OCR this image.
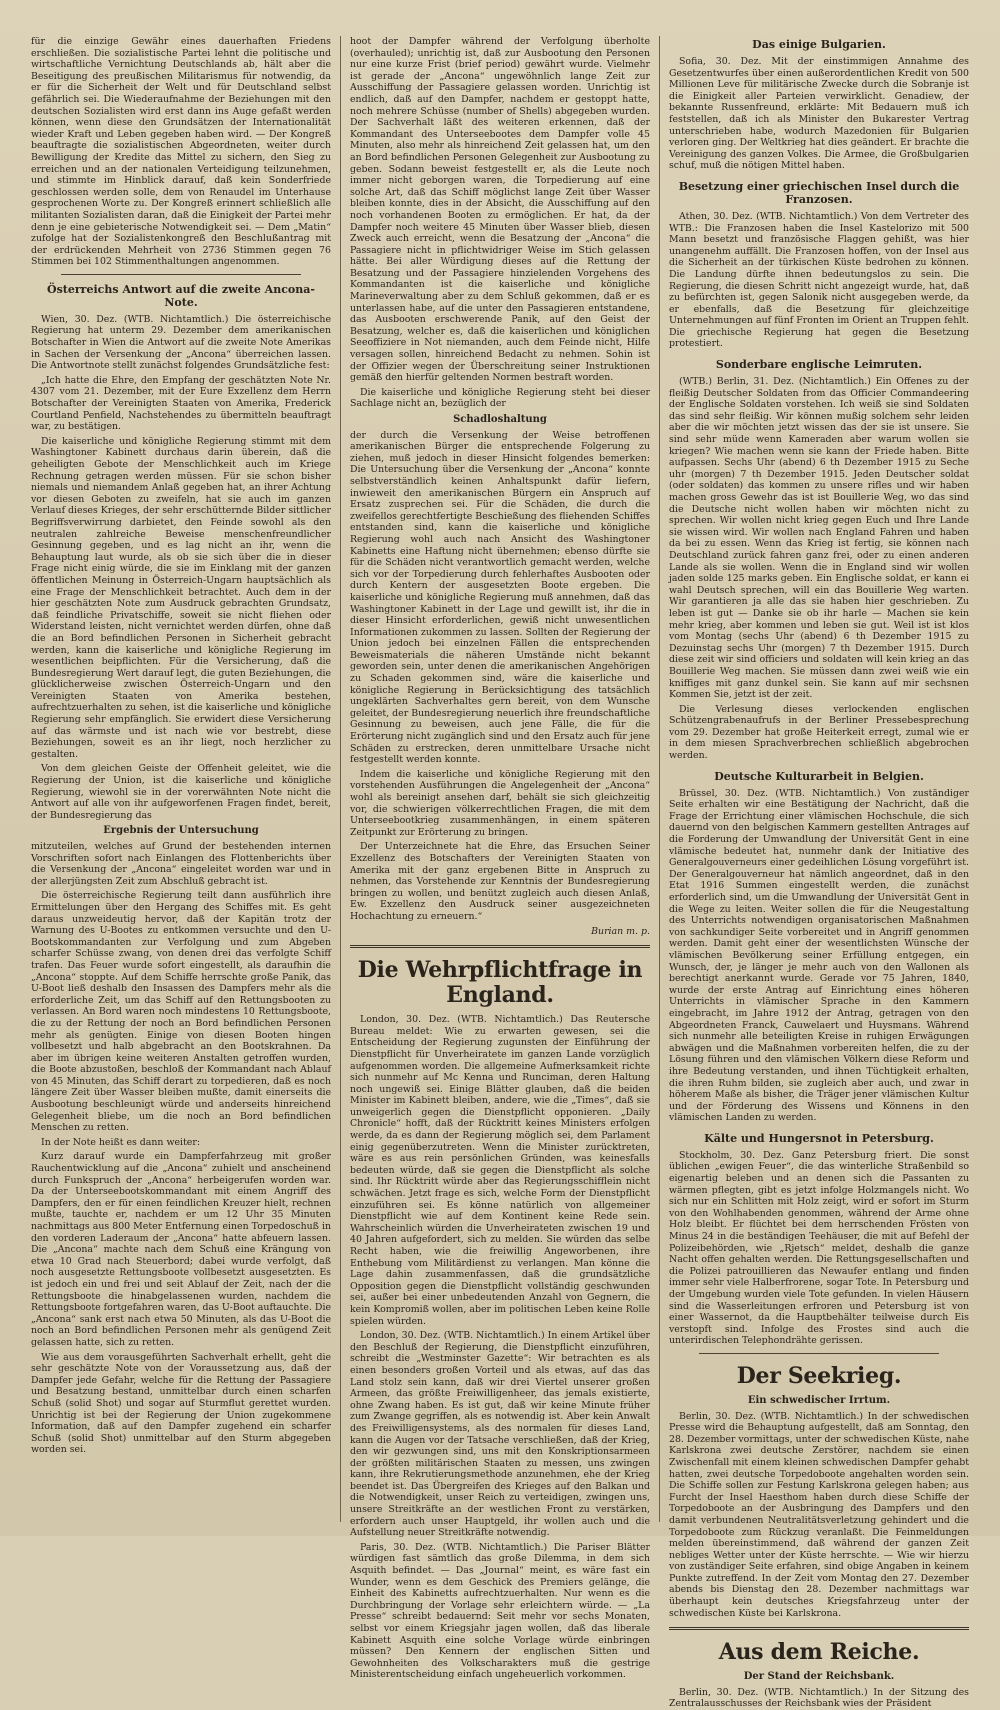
für die einzige Gewähr eines dauerhaften Friedens erschließen. Die sozialistische Partei lehnt die politische und wirtschaftliche Vernichtung Deutschlands ab, hält aber die Beseitigung des preußischen Militarismus für notwendig, da er für die Sicherheit der Welt und für Deutschland selbst gefährlich sei. Die Wiederaufnahme der Beziehungen mit den deutschen Sozialisten wird erst dann ins Auge gefaßt werden können, wenn diese den Grundsätzen der Internationalität wieder Kraft und Leben gegeben haben wird. — Der Kongreß beauftragte die sozialistischen Abgeordneten, weiter durch Bewilligung der Kredite das Mittel zu sichern, den Sieg zu erreichen und an der nationalen Verteidigung teilzunehmen, und stimmte im Hinblick darauf, daß kein Sonderfriede geschlossen werden solle, dem von Renaudel im Unterhause gesprochenen Worte zu. Der Kongreß erinnert schließlich alle militanten Sozialisten daran, daß die Einigkeit der Partei mehr denn je eine gebieterische Notwendigkeit sei. — Dem „Matin“ zufolge hat der Sozialistenkongreß den Beschlußantrag mit der erdrückenden Mehrheit von 2736 Stimmen gegen 76 Stimmen bei 102 Stimmenthaltungen angenommen.

Österreichs Antwort auf die zweite Ancona-Note.

Wien, 30. Dez. (WTB. Nichtamtlich.) Die österreichische Regierung hat unterm 29. Dezember dem amerikanischen Botschafter in Wien die Antwort auf die zweite Note Amerikas in Sachen der Versenkung der „Ancona“ überreichen lassen. Die Antwortnote stellt zunächst folgendes Grundsätzliche fest:

„Ich hatte die Ehre, den Empfang der geschätzten Note Nr. 4307 vom 21. Dezember, mit der Eure Exzellenz dem Herrn Botschafter der Vereinigten Staaten von Amerika, Frederick Courtland Penfield, Nachstehendes zu übermitteln beauftragt war, zu bestätigen.

Die kaiserliche und königliche Regierung stimmt mit dem Washingtoner Kabinett durchaus darin überein, daß die geheiligten Gebote der Menschlichkeit auch im Kriege Rechnung getragen werden müssen. Für sie schon bisher niemals und niemandem Anlaß gegeben hat, an ihrer Achtung vor diesen Geboten zu zweifeln, hat sie auch im ganzen Verlauf dieses Krieges, der sehr erschütternde Bilder sittlicher Begriffsverwirrung darbietet, den Feinde sowohl als den neutralen zahlreiche Beweise menschenfreundlicher Gesinnung gegeben, und es lag nicht an ihr, wenn die Behauptung laut wurde, als ob sie sich über die in dieser Frage nicht einig würde, die sie im Einklang mit der ganzen öffentlichen Meinung in Österreich-Ungarn hauptsächlich als eine Frage der Menschlichkeit betrachtet. Auch dem in der hier geschätzten Note zum Ausdruck gebrachten Grundsatz, daß feindliche Privatschiffe, soweit sie nicht fliehen oder Widerstand leisten, nicht vernichtet werden dürfen, ohne daß die an Bord befindlichen Personen in Sicherheit gebracht werden, kann die kaiserliche und königliche Regierung im wesentlichen beipflichten. Für die Versicherung, daß die Bundesregierung Wert darauf legt, die guten Beziehungen, die glücklicherweise zwischen Österreich-Ungarn und den Vereinigten Staaten von Amerika bestehen, aufrechtzuerhalten zu sehen, ist die kaiserliche und königliche Regierung sehr empfänglich. Sie erwidert diese Versicherung auf das wärmste und ist nach wie vor bestrebt, diese Beziehungen, soweit es an ihr liegt, noch herzlicher zu gestalten.

Von dem gleichen Geiste der Offenheit geleitet, wie die Regierung der Union, ist die kaiserliche und königliche Regierung, wiewohl sie in der vorerwähnten Note nicht die Antwort auf alle von ihr aufgeworfenen Fragen findet, bereit, der Bundesregierung das

Ergebnis der Untersuchung

mitzuteilen, welches auf Grund der bestehenden internen Vorschriften sofort nach Einlangen des Flottenberichts über die Versenkung der „Ancona“ eingeleitet worden war und in der allerjüngsten Zeit zum Abschluß gebracht ist.

Die österreichische Regierung teilt dann ausführlich ihre Ermittelungen über den Hergang des Schiffes mit. Es geht daraus unzweideutig hervor, daß der Kapitän trotz der Warnung des U-Bootes zu entkommen versuchte und den U-Bootskommandanten zur Verfolgung und zum Abgeben scharfer Schüsse zwang, von denen drei das verfolgte Schiff trafen. Das Feuer wurde sofort eingestellt, als daraufhin die „Ancona“ stoppte. Auf dem Schiffe herrschte große Panik, das U-Boot ließ deshalb den Insassen des Dampfers mehr als die erforderliche Zeit, um das Schiff auf den Rettungsbooten zu verlassen. An Bord waren noch mindestens 10 Rettungsboote, die zu der Rettung der noch an Bord befindlichen Personen mehr als genügten. Einige von diesen Booten hingen vollbesetzt und halb abgebracht an den Bootskrahnen. Da aber im übrigen keine weiteren Anstalten getroffen wurden, die Boote abzustoßen, beschloß der Kommandant nach Ablauf von 45 Minuten, das Schiff derart zu torpedieren, daß es noch längere Zeit über Wasser bleiben mußte, damit einerseits die Ausbootung beschleunigt würde und anderseits hinreichend Gelegenheit bliebe, um die noch an Bord befindlichen Menschen zu retten.

In der Note heißt es dann weiter:

Kurz darauf wurde ein Dampferfahrzeug mit großer Rauchentwicklung auf die „Ancona“ zuhielt und anscheinend durch Funkspruch der „Ancona“ herbeigerufen worden war. Da der Unterseebootskommandant mit einem Angriff des Dampfers, den er für einen feindlichen Kreuzer hielt, rechnen mußte, tauchte er, nachdem er um 12 Uhr 35 Minuten nachmittags aus 800 Meter Entfernung einen Torpedoschuß in den vorderen Laderaum der „Ancona“ hatte abfeuern lassen. Die „Ancona“ machte nach dem Schuß eine Krängung von etwa 10 Grad nach Steuerbord; dabei wurde verfolgt, daß noch ausgesetzte Rettungsboote vollbesetzt ausgesetzten. Es ist jedoch ein und frei und seit Ablauf der Zeit, nach der die Rettungsboote die hinabgelassenen wurden, nachdem die Rettungsboote fortgefahren waren, das U-Boot auftauchte. Die „Ancona“ sank erst nach etwa 50 Minuten, als das U-Boot die noch an Bord befindlichen Personen mehr als genügend Zeit gelassen hatte, sich zu retten.

Wie aus dem vorausgeführten Sachverhalt erhellt, geht die sehr geschätzte Note von der Voraussetzung aus, daß der Dampfer jede Gefahr, welche für die Rettung der Passagiere und Besatzung bestand, unmittelbar durch einen scharfen Schuß (solid Shot) und sogar auf Sturmflut gerettet wurden. Unrichtig ist bei der Regierung der Union zugekommene Information, daß auf den Dampfer zugehend ein scharfer Schuß (solid Shot) unmittelbar auf den Sturm abgegeben worden sei.

hoot der Dampfer während der Verfolgung überholte (overhauled); unrichtig ist, daß zur Ausbootung den Personen nur eine kurze Frist (brief period) gewährt wurde. Vielmehr ist gerade der „Ancona“ ungewöhnlich lange Zeit zur Ausschiffung der Passagiere gelassen worden. Unrichtig ist endlich, daß auf den Dampfer, nachdem er gestoppt hatte, noch mehrere Schüsse (number of Shells) abgegeben wurden. Der Sachverhalt läßt des weiteren erkennen, daß der Kommandant des Unterseebootes dem Dampfer volle 45 Minuten, also mehr als hinreichend Zeit gelassen hat, um den an Bord befindlichen Personen Gelegenheit zur Ausbootung zu geben. Sodann beweist festgestellt er, als die Leute noch immer nicht geborgen waren, die Torpedierung auf eine solche Art, daß das Schiff möglichst lange Zeit über Wasser bleiben konnte, dies in der Absicht, die Ausschiffung auf den noch vorhandenen Booten zu ermöglichen. Er hat, da der Dampfer noch weitere 45 Minuten über Wasser blieb, diesen Zweck auch erreicht, wenn die Besatzung der „Ancona“ die Passagiere nicht in pflichtwidriger Weise im Stich gelassen hätte. Bei aller Würdigung dieses auf die Rettung der Besatzung und der Passagiere hinzielenden Vorgehens des Kommandanten ist die kaiserliche und königliche Marineverwaltung aber zu dem Schluß gekommen, daß er es unterlassen habe, auf die unter den Passagieren entstandene, das Ausbooten erschwerende Panik, auf den Geist der Besatzung, welcher es, daß die kaiserlichen und königlichen Seeoffiziere in Not niemanden, auch dem Feinde nicht, Hilfe versagen sollen, hinreichend Bedacht zu nehmen. Sohin ist der Offizier wegen der Überschreitung seiner Instruktionen gemäß den hierfür geltenden Normen bestraft worden.

Die kaiserliche und königliche Regierung steht bei dieser Sachlage nicht an, bezüglich der

Schadloshaltung

der durch die Versenkung der Weise betroffenen amerikanischen Bürger die entsprechende Folgerung zu ziehen, muß jedoch in dieser Hinsicht folgendes bemerken: Die Untersuchung über die Versenkung der „Ancona“ konnte selbstverständlich keinen Anhaltspunkt dafür liefern, inwieweit den amerikanischen Bürgern ein Anspruch auf Ersatz zusprechen sei. Für die Schäden, die durch die zweifellos gerechtfertigte Beschießung des fliehenden Schiffes entstanden sind, kann die kaiserliche und königliche Regierung wohl auch nach Ansicht des Washingtoner Kabinetts eine Haftung nicht übernehmen; ebenso dürfte sie für die Schäden nicht verantwortlich gemacht werden, welche sich vor der Torpedierung durch fehlerhaftes Ausbooten oder durch Kentern der ausgesetzten Boote ergeben. Die kaiserliche und königliche Regierung muß annehmen, daß das Washingtoner Kabinett in der Lage und gewillt ist, ihr die in dieser Hinsicht erforderlichen, gewiß nicht unwesentlichen Informationen zukommen zu lassen. Sollten der Regierung der Union jedoch bei einzelnen Fällen die entsprechenden Beweismaterials die näheren Umstände nicht bekannt geworden sein, unter denen die amerikanischen Angehörigen zu Schaden gekommen sind, wäre die kaiserliche und königliche Regierung in Berücksichtigung des tatsächlich ungeklärten Sachverhaltes gern bereit, von dem Wunsche geleitet, der Bundesregierung neuerlich ihre freundschaftliche Gesinnung zu beweisen, auch jene Fälle, die für die Erörterung nicht zugänglich sind und den Ersatz auch für jene Schäden zu erstrecken, deren unmittelbare Ursache nicht festgestellt werden konnte.

Indem die kaiserliche und königliche Regierung mit den vorstehenden Ausführungen die Angelegenheit der „Ancona“ wohl als bereinigt ansehen darf, behält sie sich gleichzeitig vor, die schwierigen völkerrechtlichen Fragen, die mit dem Unterseebootkrieg zusammenhängen, in einem späteren Zeitpunkt zur Erörterung zu bringen.

Der Unterzeichnete hat die Ehre, das Ersuchen Seiner Exzellenz des Botschafters der Vereinigten Staaten von Amerika mit der ganz ergebenen Bitte in Anspruch zu nehmen, das Vorstehende zur Kenntnis der Bundesregierung bringen zu wollen, und benützt zugleich auch diesen Anlaß, Ew. Exzellenz den Ausdruck seiner ausgezeichneten Hochachtung zu erneuern.“

Burian m. p.
Die Wehrpflichtfrage in England.

London, 30. Dez. (WTB. Nichtamtlich.) Das Reutersche Bureau meldet: Wie zu erwarten gewesen, sei die Entscheidung der Regierung zugunsten der Einführung der Dienstpflicht für Unverheiratete im ganzen Lande vorzüglich aufgenommen worden. Die allgemeine Aufmerksamkeit richte sich nunmehr auf Mc Kenna und Runciman, deren Haltung noch ungewiß sei. Einige Blätter glauben, daß die beiden Minister im Kabinett bleiben, andere, wie die „Times“, daß sie unweigerlich gegen die Dienstpflicht opponieren. „Daily Chronicle“ hofft, daß der Rücktritt keines Ministers erfolgen werde, da es dann der Regierung möglich sei, dem Parlament einig gegenüberzutreten. Wenn die Minister zurücktreten, wäre es aus rein persönlichen Gründen, was keinesfalls bedeuten würde, daß sie gegen die Dienstpflicht als solche sind. Ihr Rücktritt würde aber das Regierungsschifflein nicht schwächen. Jetzt frage es sich, welche Form der Dienstpflicht einzuführen sei. Es könne natürlich von allgemeiner Dienstpflicht wie auf dem Kontinent keine Rede sein. Wahrscheinlich würden die Unverheirateten zwischen 19 und 40 Jahren aufgefordert, sich zu melden. Sie würden das selbe Recht haben, wie die freiwillig Angeworbenen, ihre Enthebung vom Militärdienst zu verlangen. Man könne die Lage dahin zusammenfassen, daß die grundsätzliche Opposition gegen die Dienstpflicht vollständig geschwunden sei, außer bei einer unbedeutenden Anzahl von Gegnern, die kein Kompromiß wollen, aber im politischen Leben keine Rolle spielen würden.

London, 30. Dez. (WTB. Nichtamtlich.) In einem Artikel über den Beschluß der Regierung, die Dienstpflicht einzuführen, schreibt die „Westminster Gazette“: Wir betrachten es als einen besonders großen Vorteil und als etwas, auf das das Land stolz sein kann, daß wir drei Viertel unserer großen Armeen, das größte Freiwilligenheer, das jemals existierte, ohne Zwang haben. Es ist gut, daß wir keine Minute früher zum Zwange gegriffen, als es notwendig ist. Aber kein Anwalt des Freiwilligensystems, als des normalen für dieses Land, kann die Augen vor der Tatsache verschließen, daß der Krieg, den wir gezwungen sind, uns mit den Konskriptionsarmeen der größten militärischen Staaten zu messen, uns zwingen kann, ihre Rekrutierungsmethode anzunehmen, ehe der Krieg beendet ist. Das Übergreifen des Krieges auf den Balkan und die Notwendigkeit, unser Reich zu verteidigen, zwingen uns, unsere Streitkräfte an der westlichen Front zu verstärken, erfordern auch unser Hauptgeld, ihr wollen auch und die Aufstellung neuer Streitkräfte notwendig.

Paris, 30. Dez. (WTB. Nichtamtlich.) Die Pariser Blätter würdigen fast sämtlich das große Dilemma, in dem sich Asquith befindet. — Das „Journal“ meint, es wäre fast ein Wunder, wenn es dem Geschick des Premiers gelänge, die Einheit des Kabinetts aufrechtzuerhalten. Nur wenn es die Durchbringung der Vorlage sehr erleichtern würde. — „La Presse“ schreibt bedauernd: Seit mehr vor sechs Monaten, selbst vor einem Kriegsjahr jagen wollen, daß das liberale Kabinett Asquith eine solche Vorlage würde einbringen müssen? Den Kennern der englischen Sitten und Gewohnheiten des Volkscharakters muß die gestrige Ministerentscheidung einfach ungeheuerlich vorkommen.

Das einige Bulgarien.

Sofia, 30. Dez. Mit der einstimmigen Annahme des Gesetzentwurfes über einen außerordentlichen Kredit von 500 Millionen Leve für militärische Zwecke durch die Sobranje ist die Einigkeit aller Parteien verwirklicht. Genadiew, der bekannte Russenfreund, erklärte: Mit Bedauern muß ich feststellen, daß ich als Minister den Bukarester Vertrag unterschrieben habe, wodurch Mazedonien für Bulgarien verloren ging. Der Weltkrieg hat dies geändert. Er brachte die Vereinigung des ganzen Volkes. Die Armee, die Großbulgarien schuf, muß die nötigen Mittel haben.

Besetzung einer griechischen Insel durch die Franzosen.

Athen, 30. Dez. (WTB. Nichtamtlich.) Von dem Vertreter des WTB.: Die Franzosen haben die Insel Kastelorizo mit 500 Mann besetzt und französische Flaggen gehißt, was hier unangenehm auffällt. Die Franzosen hoffen, von der Insel aus die Sicherheit an der türkischen Küste bedrohen zu können. Die Landung dürfte ihnen bedeutungslos zu sein. Die Regierung, die diesen Schritt nicht angezeigt wurde, hat, daß zu befürchten ist, gegen Salonik nicht ausgegeben werde, da er ebenfalls, daß die Besetzung für gleichzeitige Unternehmungen auf fünf Fronten im Orient an Truppen fehlt. Die griechische Regierung hat gegen die Besetzung protestiert.

Sonderbare englische Leimruten.

(WTB.) Berlin, 31. Dez. (Nichtamtlich.) Ein Offenes zu der fleißig Deutscher Soldaten from das Officier Commandeering der Englische Soldaten vorstehen. Ich weiß sie sind Soldaten das sind sehr fleißig. Wir können mußig solchem sehr leiden aber die wir möchten jetzt wissen das der sie ist unsere. Sie sind sehr müde wenn Kameraden aber warum wollen sie kriegen? Wie machen wenn sie kann der Friede haben. Bitte aufpassen. Sechs Uhr (abend) 6 th Dezember 1915 zu Seche uhr (morgen) 7 th Dezember 1915. Jeden Deutscher soldat (oder soldaten) das kommen zu unsere rifles und wir haben machen gross Gewehr das ist ist Bouillerie Weg, wo das sind die Deutsche nicht wollen haben wir möchten nicht zu sprechen. Wir wollen nicht krieg gegen Euch und Ihre Lande sie wissen wird. Wir wollen nach England Fahren und haben da bei zu essen. Wenn das Krieg ist fertig, sie können nach Deutschland zurück fahren ganz frei, oder zu einen anderen Lande als sie wollen. Wenn die in England sind wir wollen jaden solde 125 marks geben. Ein Englische soldat, er kann ei wahl Deutsch sprechen, will ein das Bouillerie Weg warten. Wir garantieren ja alle das sie haben hier geschrieben. Zu leben ist gut — Danke sie ob ihr harle — Machen sie kein mehr krieg, aber kommen und leben sie gut. Weil ist ist klos vom Montag (sechs Uhr (abend) 6 th Dezember 1915 zu Dezuinstag sechs Uhr (morgen) 7 th Dezember 1915. Durch diese zeit wir sind officiers und soldaten will kein krieg an das Bouillerie Weg machen. Sie müssen dann zwei weiß wie ein kniffiges mit ganz dunkel sein. Sie kann auf mir sechsnen Kommen Sie, jetzt ist der zeit.

Die Verlesung dieses verlockenden englischen Schützengrabenaufrufs in der Berliner Pressebesprechung vom 29. Dezember hat große Heiterkeit erregt, zumal wie er in dem miesen Sprachverbrechen schließlich abgebrochen werden.

Deutsche Kulturarbeit in Belgien.

Brüssel, 30. Dez. (WTB. Nichtamtlich.) Von zuständiger Seite erhalten wir eine Bestätigung der Nachricht, daß die Frage der Errichtung einer vlämischen Hochschule, die sich dauernd von den belgischen Kammern gestellten Antrages auf die Forderung der Umwandlung der Universität Gent in eine vlämische bedeutet hat, nunmehr dank der Initiative des Generalgouverneurs einer gedeihlichen Lösung vorgeführt ist. Der Generalgouverneur hat nämlich angeordnet, daß in den Etat 1916 Summen eingestellt werden, die zunächst erforderlich sind, um die Umwandlung der Universität Gent in die Wege zu leiten. Weiter sollen die für die Neugestaltung des Unterrichts notwendigen organisatorischen Maßnahmen von sachkundiger Seite vorbereitet und in Angriff genommen werden. Damit geht einer der wesentlichsten Wünsche der vlämischen Bevölkerung seiner Erfüllung entgegen, ein Wunsch, der, je länger je mehr auch von den Wallonen als berechtigt anerkannt wurde. Gerade vor 75 Jahren, 1840, wurde der erste Antrag auf Einrichtung eines höheren Unterrichts in vlämischer Sprache in den Kammern eingebracht, im Jahre 1912 der Antrag, getragen von den Abgeordneten Franck, Cauwelaert und Huysmans. Während sich nunmehr alle beteiligten Kreise in ruhigen Erwägungen abwägen und die Maßnahmen vorbereiten helfen, die zu der Lösung führen und den vlämischen Völkern diese Reform und ihre Bedeutung verstanden, und ihnen Tüchtigkeit erhalten, die ihren Ruhm bilden, sie zugleich aber auch, und zwar in höherem Maße als bisher, die Träger jener vlämischen Kultur und der Förderung des Wissens und Könnens in den vlämischen Landen zu werden.

Kälte und Hungersnot in Petersburg.

Stockholm, 30. Dez. Ganz Petersburg friert. Die sonst üblichen „ewigen Feuer“, die das winterliche Straßenbild so eigenartig beleben und an denen sich die Passanten zu wärmen pflegten, gibt es jetzt infolge Holzmangels nicht. Wo sich nur ein Schlitten mit Holz zeigt, wird er sofort im Sturm von den Wohlhabenden genommen, während der Arme ohne Holz bleibt. Er flüchtet bei dem herrschenden Frösten von Minus 24 in die beständigen Teehäuser, die mit auf Befehl der Polizeibehörden, wie „Rjetsch“ meldet, deshalb die ganze Nacht offen gehalten werden. Die Rettungsgesellschaften und die Polizei patrouillieren das Newaufer entlang und finden immer sehr viele Halberfrorene, sogar Tote. In Petersburg und der Umgebung wurden viele Tote gefunden. In vielen Häusern sind die Wasserleitungen erfroren und Petersburg ist von einer Wassernot, da die Hauptbehälter teilweise durch Eis verstopft sind. Infolge des Frostes sind auch die unterirdischen Telephondrähte gerissen.

Der Seekrieg.
Ein schwedischer Irrtum.

Berlin, 30. Dez. (WTB. Nichtamtlich.) In der schwedischen Presse wird die Behauptung aufgestellt, daß am Sonntag, den 28. Dezember vormittags, unter der schwedischen Küste, nahe Karlskrona zwei deutsche Zerstörer, nachdem sie einen Zwischenfall mit einem kleinen schwedischen Dampfer gehabt hatten, zwei deutsche Torpedoboote angehalten worden sein. Die Schiffe sollen zur Festung Karlskrona gelegen haben; aus Furcht der Insel Haesthom haben durch diese Schiffe der Torpedoboote an der Ausbringung des Dampfers und den damit verbundenen Neutralitätsverletzung gehindert und die Torpedoboote zum Rückzug veranlaßt. Die Feinmeldungen melden übereinstimmend, daß während der ganzen Zeit nebliges Wetter unter der Küste herrschte. — Wie wir hierzu von zuständiger Seite erfahren, sind obige Angaben in keinem Punkte zutreffend. In der Zeit vom Montag den 27. Dezember abends bis Dienstag den 28. Dezember nachmittags war überhaupt kein deutsches Kriegsfahrzeug unter der schwedischen Küste bei Karlskrona.

Aus dem Reiche.
Der Stand der Reichsbank.

Berlin, 30. Dez. (WTB. Nichtamtlich.) In der Sitzung des Zentralausschusses der Reichsbank wies der Präsident
